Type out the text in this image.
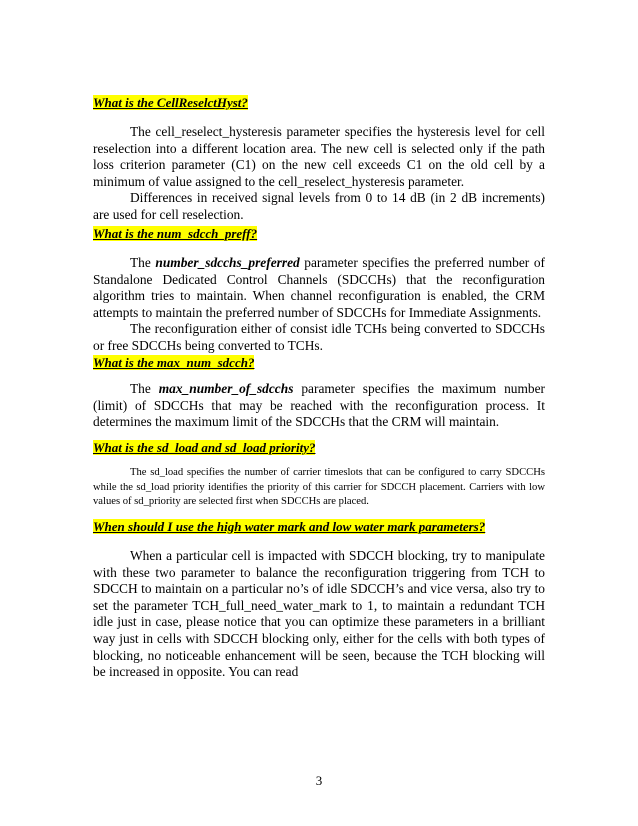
What is the CellReselctHyst?

The cell_reselect_hysteresis parameter specifies the hysteresis level for cell reselection into a different location area. The new cell is selected only if the path loss criterion parameter (C1) on the new cell exceeds C1 on the old cell by a minimum of value assigned to the cell_reselect_hysteresis parameter.

Differences in received signal levels from 0 to 14 dB (in 2 dB increments) are used for cell reselection.

What is the num_sdcch_preff?

The number_sdcchs_preferred parameter specifies the preferred number of Standalone Dedicated Control Channels (SDCCHs) that the reconfiguration algorithm tries to maintain. When channel reconfiguration is enabled, the CRM attempts to maintain the preferred number of SDCCHs for Immediate Assignments.

The reconfiguration either of consist idle TCHs being converted to SDCCHs or free SDCCHs being converted to TCHs.

What is the max_num_sdcch?

The max_number_of_sdcchs parameter specifies the maximum number (limit) of SDCCHs that may be reached with the reconfiguration process. It determines the maximum limit of the SDCCHs that the CRM will maintain.

What is the sd_load and sd_load priority?

The sd_load specifies the number of carrier timeslots that can be configured to carry SDCCHs while the sd_load priority identifies the priority of this carrier for SDCCH placement. Carriers with low values of sd_priority are selected first when SDCCHs are placed.

When should I use the high water mark and low water mark parameters?

When a particular cell is impacted with SDCCH blocking, try to manipulate with these two parameter to balance the reconfiguration triggering from TCH to SDCCH to maintain on a particular no’s of idle SDCCH’s and vice versa, also try to set the parameter TCH_full_need_water_mark to 1, to maintain a redundant TCH idle just in case, please notice that you can optimize these parameters in a brilliant way just in cells with SDCCH blocking only, either for the cells with both types of blocking, no noticeable enhancement will be seen, because the TCH blocking will be increased in opposite. You can read

3
